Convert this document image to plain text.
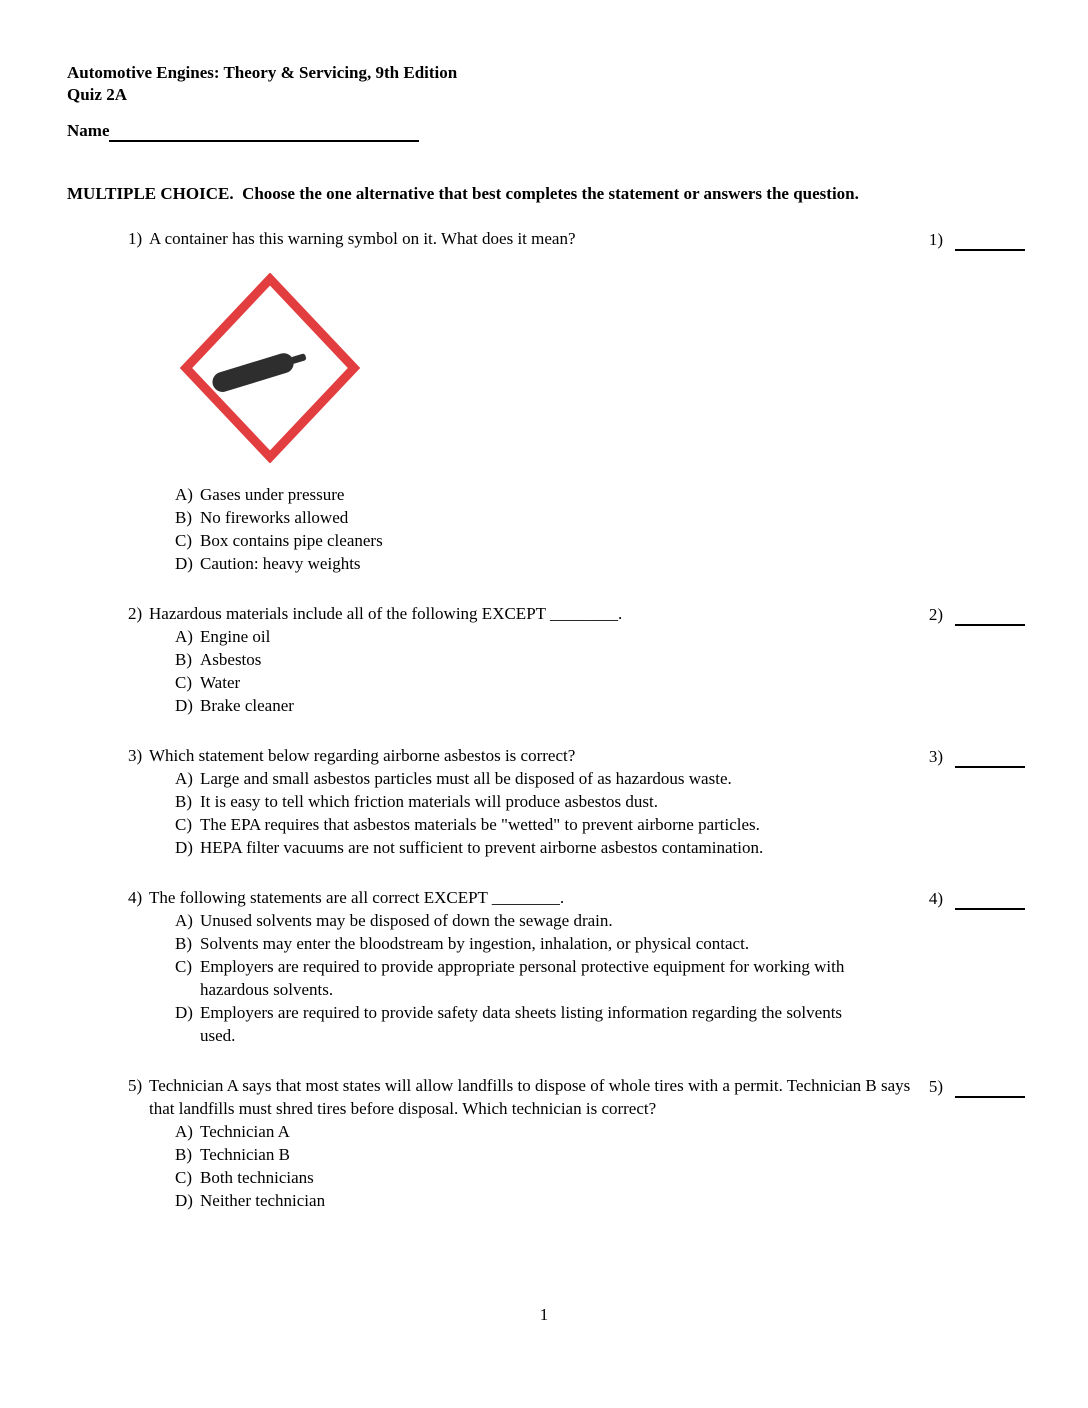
Automotive Engines: Theory & Servicing, 9th Edition
Quiz 2A
Name
MULTIPLE CHOICE.  Choose the one alternative that best completes the statement or answers the question.
1) A container has this warning symbol on it. What does it mean?
A) Gases under pressure
B) No fireworks allowed
C) Box contains pipe cleaners
D) Caution: heavy weights
1)
2) Hazardous materials include all of the following EXCEPT ________.
A) Engine oil
B) Asbestos
C) Water
D) Brake cleaner
2)
3) Which statement below regarding airborne asbestos is correct?
A) Large and small asbestos particles must all be disposed of as hazardous waste.
B) It is easy to tell which friction materials will produce asbestos dust.
C) The EPA requires that asbestos materials be "wetted" to prevent airborne particles.
D) HEPA filter vacuums are not sufficient to prevent airborne asbestos contamination.
3)
4) The following statements are all correct EXCEPT ________.
A) Unused solvents may be disposed of down the sewage drain.
B) Solvents may enter the bloodstream by ingestion, inhalation, or physical contact.
C) Employers are required to provide appropriate personal protective equipment for working with hazardous solvents.
D) Employers are required to provide safety data sheets listing information regarding the solvents used.
4)
5) Technician A says that most states will allow landfills to dispose of whole tires with a permit. Technician B says that landfills must shred tires before disposal. Which technician is correct?
A) Technician A
B) Technician B
C) Both technicians
D) Neither technician
5)
1
